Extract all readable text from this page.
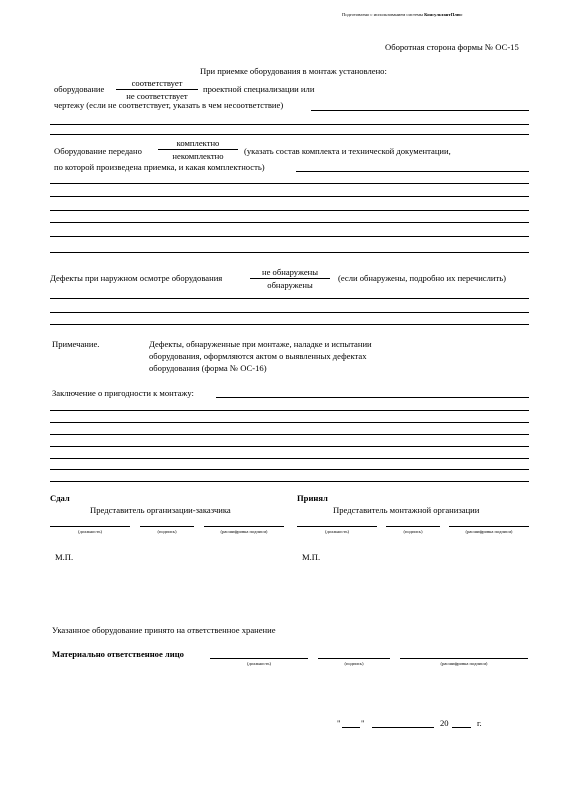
Подготовлено с использованием системы КонсультантПлюс
Оборотная сторона формы № ОС-15
При приемке оборудования в монтаж установлено:
оборудование
соответствует
не соответствует
проектной специализации или
чертежу (если не соответствует, указать в чем несоответствие)
Оборудование передано
комплектно
некомплектно	(указать состав комплекта и технической документации,
по которой произведена приемка, и какая комплектность)
Дефекты при наружном осмотре оборудования
не обнаружены
обнаружены
(если обнаружены, подробно их перечислить)
Примечание.	Дефекты, обнаруженные при монтаже, наладке и испытании
оборудования, оформляются актом о выявленных дефектах
оборудования (форма № ОС-16)
Заключение о пригодности к монтажу:
Сдал
Представитель организации-заказчика
(должность)	(подпись)	(расшифровка подписи)
М.П.
Принял
Представитель монтажной организации
(должность)	(подпись)	(расшифровка подписи)
М.П.
Указанное оборудование принято на ответственное хранение
Материально ответственное лицо
(должность)	(подпись)	(расшифровка подписи)
" "	20	г.
